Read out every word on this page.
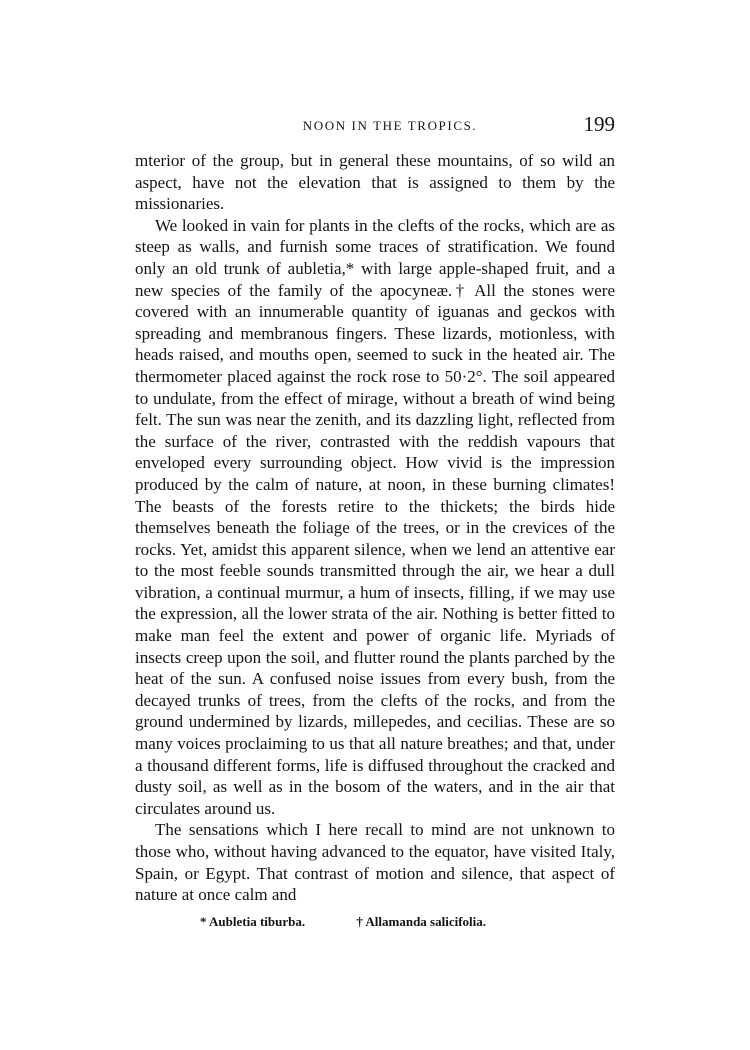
NOON IN THE TROPICS.	199

mterior of the group, but in general these mountains, of so wild an aspect, have not the elevation that is assigned to them by the missionaries.

We looked in vain for plants in the clefts of the rocks, which are as steep as walls, and furnish some traces of stratification. We found only an old trunk of aubletia,* with large apple-shaped fruit, and a new species of the family of the apocyneæ.† All the stones were covered with an innumerable quantity of iguanas and geckos with spreading and membranous fingers. These lizards, motionless, with heads raised, and mouths open, seemed to suck in the heated air. The thermometer placed against the rock rose to 50·2°. The soil appeared to undulate, from the effect of mirage, without a breath of wind being felt. The sun was near the zenith, and its dazzling light, reflected from the surface of the river, contrasted with the reddish vapours that enveloped every surrounding object. How vivid is the impression produced by the calm of nature, at noon, in these burning climates! The beasts of the forests retire to the thickets; the birds hide themselves beneath the foliage of the trees, or in the crevices of the rocks. Yet, amidst this apparent silence, when we lend an attentive ear to the most feeble sounds transmitted through the air, we hear a dull vibration, a continual murmur, a hum of insects, filling, if we may use the expression, all the lower strata of the air. Nothing is better fitted to make man feel the extent and power of organic life. Myriads of insects creep upon the soil, and flutter round the plants parched by the heat of the sun. A confused noise issues from every bush, from the decayed trunks of trees, from the clefts of the rocks, and from the ground undermined by lizards, millepedes, and cecilias. These are so many voices proclaiming to us that all nature breathes; and that, under a thousand different forms, life is diffused throughout the cracked and dusty soil, as well as in the bosom of the waters, and in the air that circulates around us.

The sensations which I here recall to mind are not unknown to those who, without having advanced to the equator, have visited Italy, Spain, or Egypt. That contrast of motion and silence, that aspect of nature at once calm and

* Aubletia tiburba.	† Allamanda salicifolia.
